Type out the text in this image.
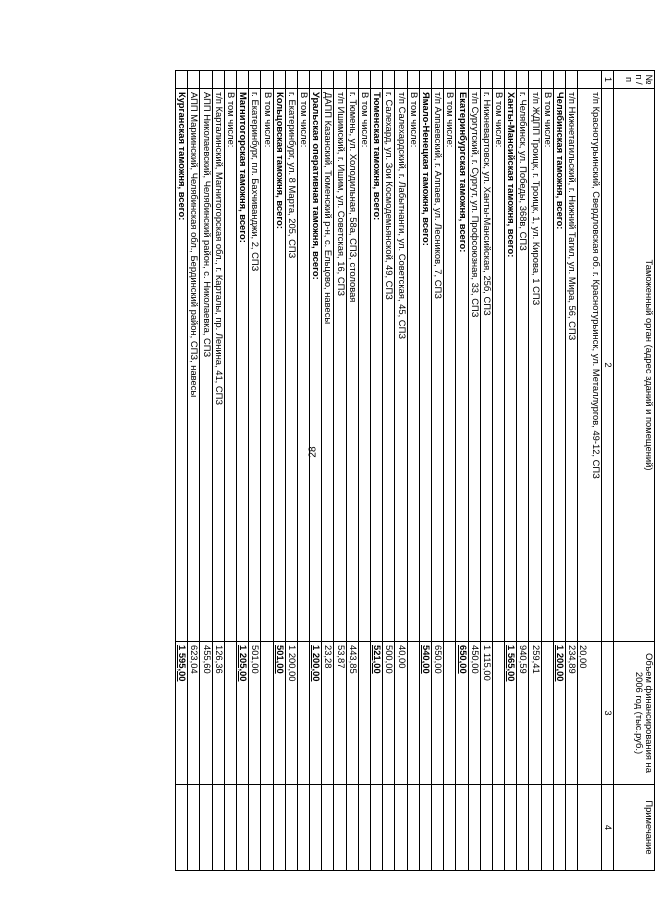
28
№ п / п	Таможенный орган (адрес зданий и помещений)	Объем финансирования на 2006 год (тыс.руб.)	Примечание
1	2	3	4
	т/п Краснотурьинский, Свердловская об. г. Краснотурьинск, ул. Металлургов, 49-12, СПЗ	20,00	
	т/п Нижнетагильский, г. Нижний Тагил, ул. Мира, 56, СПЗ	234,89	
	Челябинская таможня, всего:	1 200,00	
	В том числе:		
	т/п ЖДПП Троицк, г. Троицк, 1, ул. Кирова, 1 СПЗ	259,41	
	г. Челябинск, ул. Победы, 368в, СПЗ	940,59	
	Ханты-Мансийская таможня, всего:	1 565,00	
	В том числе:		
	г. Нижневартовск, ул. Ханты-Мансийская, 25б, СПЗ	1 115,00	
	т/п Сургутский, г. Сургут, ул. Профсоюзная, 33, СПЗ	450,00	
	Екатеринбургская таможня, всего:	650,00	
	В том числе:		
	т/п Алпаевский, г. Алпаев, ул. Лесников, 7, СПЗ	650,00	
	Ямало-Ненецкая таможня, всего:	540,00	
	В том числе:		
	т/п Салехардский, г. Лабытнанги, ул. Советская, 45, СПЗ	40,00	
	г. Салехард, ул. Зои Космодемьянской, 49, СПЗ	500,00	
	Тюменская таможня, всего:	521,00	
	В том числе:		
	г. Тюмень, ул. Холодильная, 58а, СПЗ, столовая	443,85	
	т/п Ишимский, г. Ишим, ул. Советская, 16, СПЗ	53,87	
	ДАПП Казанский, Тюменский р-н, с. Ельцово, навесы	23,28	
	Уральская оперативная таможня, всего:	1 200,00	
	В том числе:		
	г. Екатеринбург, ул. 8 Марта, 205, СПЗ	1 200,00	
	Кольцовская таможня, всего:	501,00	
	В том числе:		
	г. Екатеринбург, пл. Бахчиванджи, 2, СПЗ	501,00	
	Магнитогорская таможня, всего:	1 205,00	
	В том числе:		
	т/п Карталинский, Магнитогорская обл., г. Карталы, пр. Ленина, 41, СПЗ	126,36	
	АПП Николаевский, Челябинский район, с. Николаевка, СПЗ	455,60	
	АПП Мариинский, Челябинская обл., Бердинский район, СПЗ, навесы	623,04	
	Курганская таможня, всего:	1 595,00	
